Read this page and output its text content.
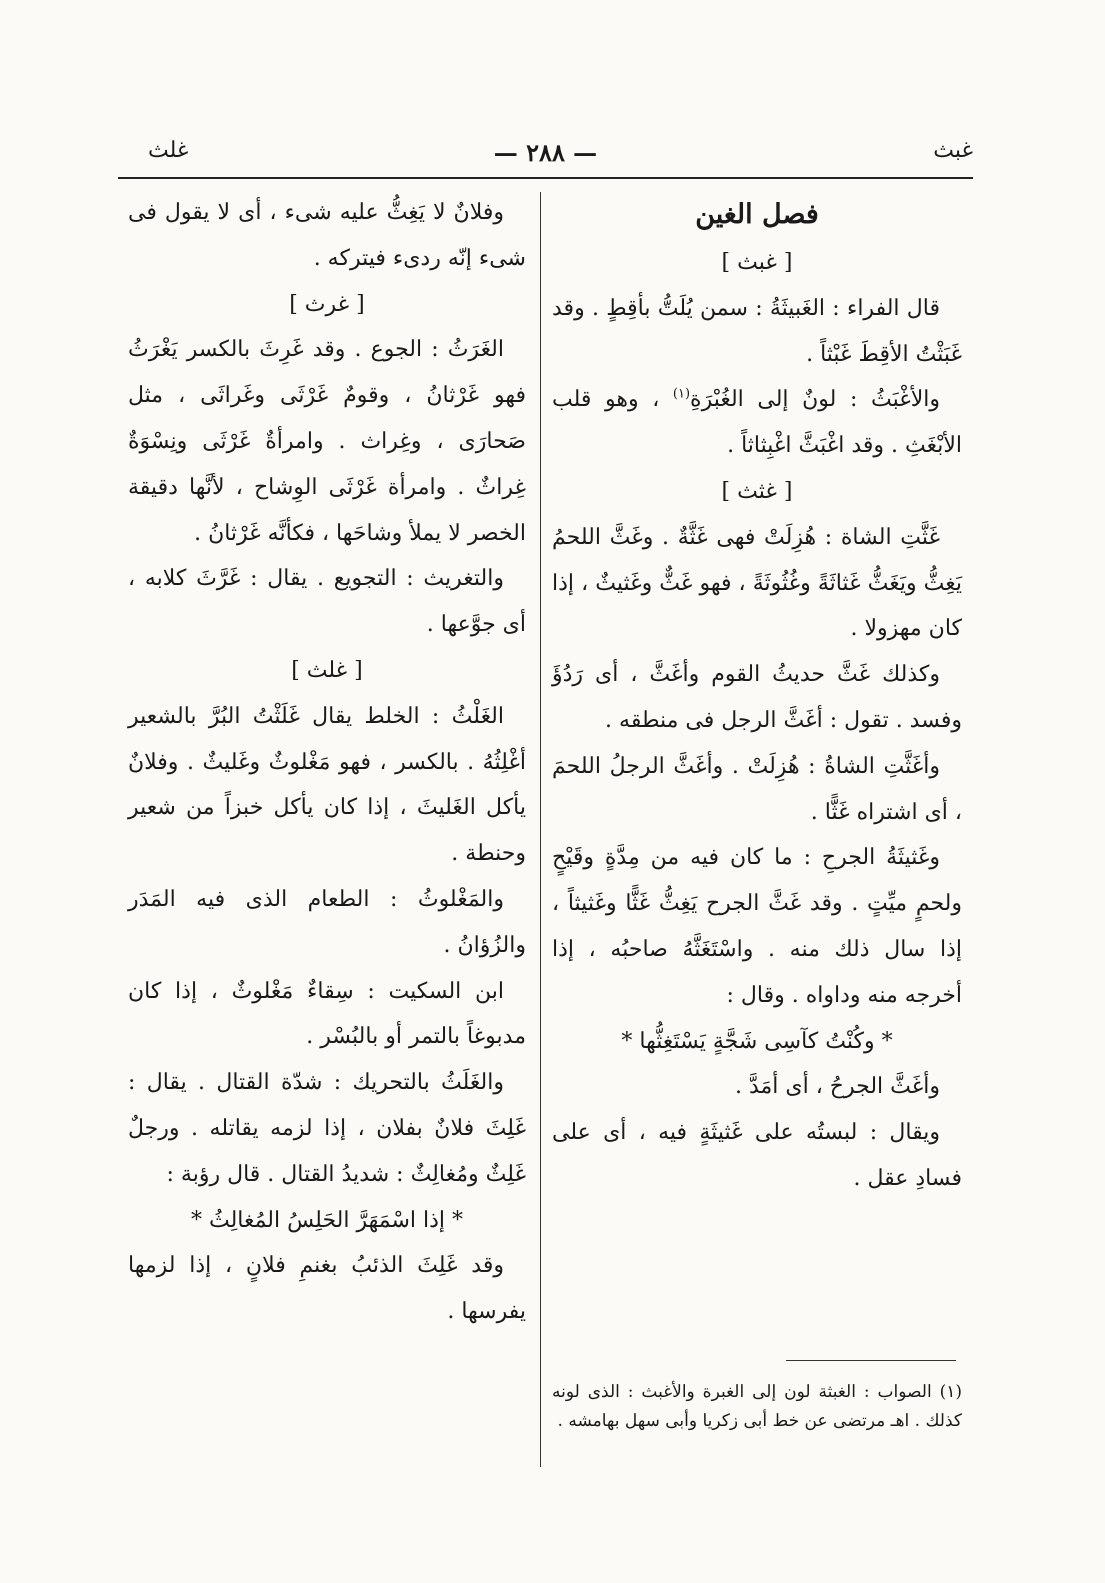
غبث
— ٢٨٨ —
غلث

فصل الغين

[ غبث ]

قال الفراء : الغَبيثَةُ : سمن يُلَتُّ بأقِطٍ . وقد غَبَثْتُ الأقِطَ غَبْثاً .

والأغْبَثُ : لونٌ إلى الغُبْرَةِ$^{(١)}$ ، وهو قلب الأبْغَثِ . وقد اغْبَثَّ اغْبِثاثاً .

[ غثث ]

غَثَّتِ الشاة : هُزِلَتْ فهى غَثَّةٌ . وغَثَّ اللحمُ يَغِثُّ ويَغَثُّ غَثاثَةً وغُثُوثَةً ، فهو غَثٌّ وغَثيثٌ ، إذا كان مهزولا .

وكذلك غَثَّ حديثُ القوم وأغَثَّ ، أى رَدُؤَ وفسد . تقول : أغَثَّ الرجل فى منطقه .

وأغَثَّتِ الشاةُ : هُزِلَتْ . وأغَثَّ الرجلُ اللحمَ ، أى اشتراه غَثًّا .

وغَثيثَةُ الجرحِ : ما كان فيه من مِدَّةٍ وقَيْحٍ ولحمٍ ميِّتٍ . وقد غَثَّ الجرح يَغِثُّ غَثًّا وغَثيثاً ، إذا سال ذلك منه . واسْتَغَثَّهُ صاحبُه ، إذا أخرجه منه وداواه . وقال :

* وكُنْتُ كآسِى شَجَّةٍ يَسْتَغِثُّها *

وأغَثَّ الجرحُ ، أى أمَدَّ .

ويقال : لبستُه على غَثيثَةٍ فيه ، أى على فسادِ عقل .

(١) الصواب : الغبثة لون إلى الغبرة والأغبث : الذى لونه كذلك . اهـ مرتضى عن خط أبى زكريا وأبى سهل بهامشه .

وفلانٌ لا يَغِثُّ عليه شىء ، أى لا يقول فى شىء إنّه ردىء فيتركه .

[ غرث ]

الغَرَثُ : الجوع . وقد غَرِثَ بالكسر يَغْرَثُ فهو غَرْثانُ ، وقومٌ غَرْثَى وغَراثَى ، مثل صَحارَى ، وغِراث . وامرأةٌ غَرْثَى ونِسْوَةٌ غِراثٌ . وامرأة غَرْثَى الوِشاح ، لأنَّها دقيقة الخصر لا يملأ وشاحَها ، فكأنَّه غَرْثانُ .

والتغريث : التجويع . يقال : غَرَّثَ كلابه ، أى جوَّعها .

[ غلث ]

الغَلْثُ : الخلط يقال غَلَثْتُ البُرَّ بالشعير أغْلِثُهُ . بالكسر ، فهو مَغْلوثٌ وغَليثٌ . وفلانٌ يأكل الغَليثَ ، إذا كان يأكل خبزاً من شعير وحنطة .

والمَغْلوثُ : الطعام الذى فيه المَدَر والزُؤانُ .

ابن السكيت : سِقاءٌ مَغْلوثٌ ، إذا كان مدبوغاً بالتمر أو بالبُسْر .

والغَلَثُ بالتحريك : شدّة القتال . يقال : غَلِثَ فلانٌ بفلان ، إذا لزمه يقاتله . ورجلٌ غَلِثٌ ومُغالِثٌ : شديدُ القتال . قال رؤبة :

* إذا اسْمَهَرَّ الحَلِسُ المُغالِثُ *

وقد غَلِثَ الذئبُ بغنمِ فلانٍ ، إذا لزمها يفرسها .
